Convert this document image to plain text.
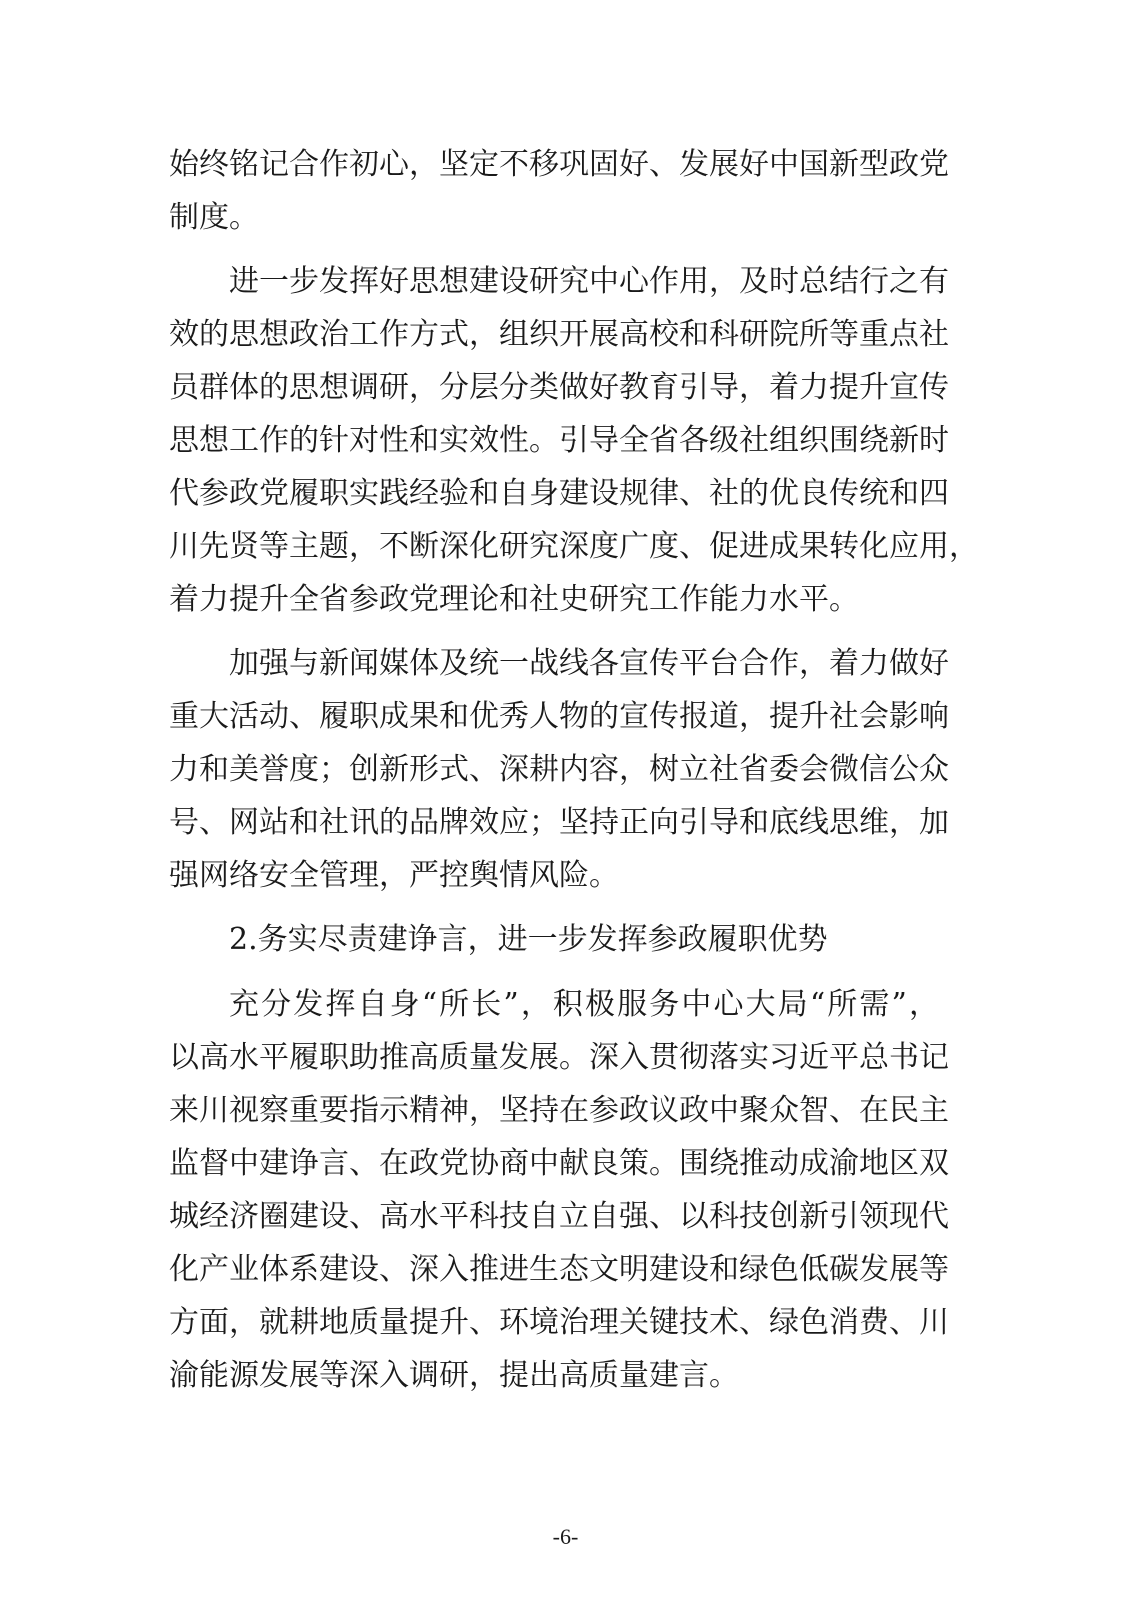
始终铭记合作初心，坚定不移巩固好、发展好中国新型政党
制度。
进一步发挥好思想建设研究中心作用，及时总结行之有
效的思想政治工作方式，组织开展高校和科研院所等重点社
员群体的思想调研，分层分类做好教育引导，着力提升宣传
思想工作的针对性和实效性。引导全省各级社组织围绕新时
代参政党履职实践经验和自身建设规律、社的优良传统和四
川先贤等主题，不断深化研究深度广度、促进成果转化应用，
着力提升全省参政党理论和社史研究工作能力水平。
加强与新闻媒体及统一战线各宣传平台合作，着力做好
重大活动、履职成果和优秀人物的宣传报道，提升社会影响
力和美誉度；创新形式、深耕内容，树立社省委会微信公众
号、网站和社讯的品牌效应；坚持正向引导和底线思维，加
强网络安全管理，严控舆情风险。
2.务实尽责建诤言，进一步发挥参政履职优势
充分发挥自身“所长”，积极服务中心大局“所需”，
以高水平履职助推高质量发展。深入贯彻落实习近平总书记
来川视察重要指示精神，坚持在参政议政中聚众智、在民主
监督中建诤言、在政党协商中献良策。围绕推动成渝地区双
城经济圈建设、高水平科技自立自强、以科技创新引领现代
化产业体系建设、深入推进生态文明建设和绿色低碳发展等
方面，就耕地质量提升、环境治理关键技术、绿色消费、川
渝能源发展等深入调研，提出高质量建言。
-6-
